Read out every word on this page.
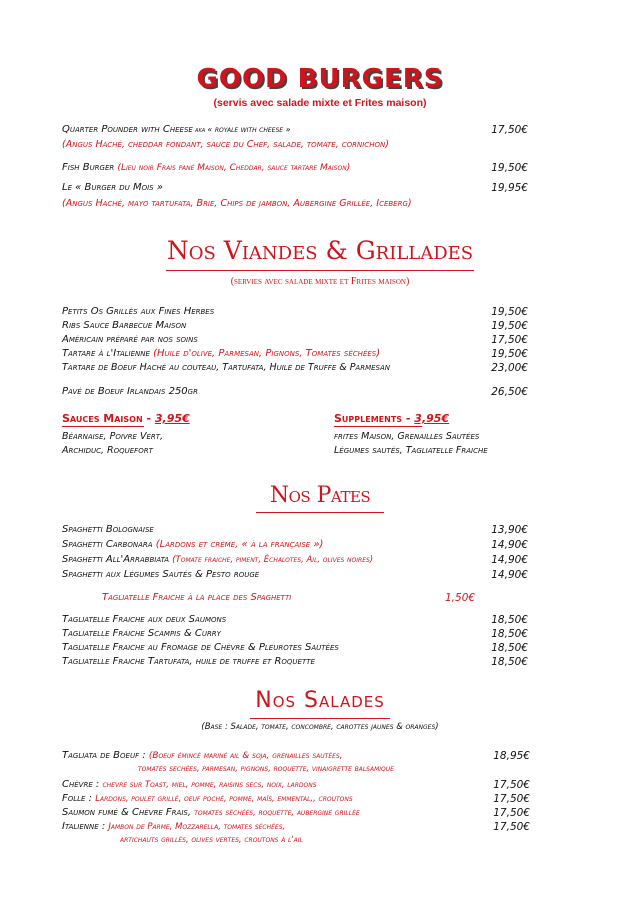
GOOD BURGERS
(servis avec salade mixte et Frites maison)
Quarter Pounder with Cheese aka « royale with cheese »	17,50€
(Angus Haché, cheddar fondant, sauce du Chef, salade, tomate, cornichon)
Fish Burger (Lieu noir Frais pané Maison, Cheddar, sauce tartare Maison)	19,50€
Le « Burger du Mois »	19,95€
(Angus Haché, mayo tartufata, Brie, Chips de jambon, Aubergine Grillée, Iceberg)
Nos Viandes & Grillades
(servies avec salade mixte et Frites maison)
Petits Os Grillés aux Fines Herbes	19,50€
Ribs Sauce Barbecue Maison	19,50€
Américain préparé par nos soins	17,50€
Tartare à l'Italienne (Huile d'olive, Parmesan, Pignons, Tomates séchées)	19,50€
Tartare de Boeuf Haché au couteau, Tartufata, Huile de Truffe & Parmesan	23,00€
Pavé de Boeuf Irlandais 250gr	26,50€
Sauces Maison - 3,95€
Béarnaise, Poivre Vert,
Archiduc, Roquefort
Supplements - 3,95€
frites Maison, Grenailles Sautées
Légumes sautés, Tagliatelle Fraiche
Nos Pates
Spaghetti Bolognaise	13,90€
Spaghetti Carbonara (Lardons et crème, « à la française »)	14,90€
Spaghetti All'Arrabbiata (Tomate fraiche, piment, Échalotes, Ail, olives noires)	14,90€
Spaghetti aux Légumes Sautés & Pesto rouge	14,90€
Tagliatelle Fraiche à la place des Spaghetti	1,50€
Tagliatelle Fraiche aux deux Saumons	18,50€
Tagliatelle Fraiche Scampis & Curry	18,50€
Tagliatelle Fraiche au Fromage de Chèvre & Pleurotes Sautées	18,50€
Tagliatelle Fraiche Tartufata, huile de truffe et Roquette	18,50€
Nos Salades
(Base : Salade, tomate, concombre, carottes jaunes & oranges)
Tagliata de Boeuf : (Boeuf émincé mariné ail & soja, grenailles sautées,	18,95€
tomates sechées, parmesan, pignons, roquette, vinaigrette balsamique
Chèvre : chevre sur Toast, miel, pomme, raisins secs, noix, lardons	17,50€
Folle : Lardons, poulet grillé, oeuf poché, pomme, maïs, emmental,, croutons	17,50€
Saumon fumé & Chèvre Frais, tomates séchées, roquette, aubergine grillée	17,50€
Italienne : Jambon de Parme, Mozzarella, tomates séchées,	17,50€
artichauts grillés, olives vertes, croutons à l'ail
